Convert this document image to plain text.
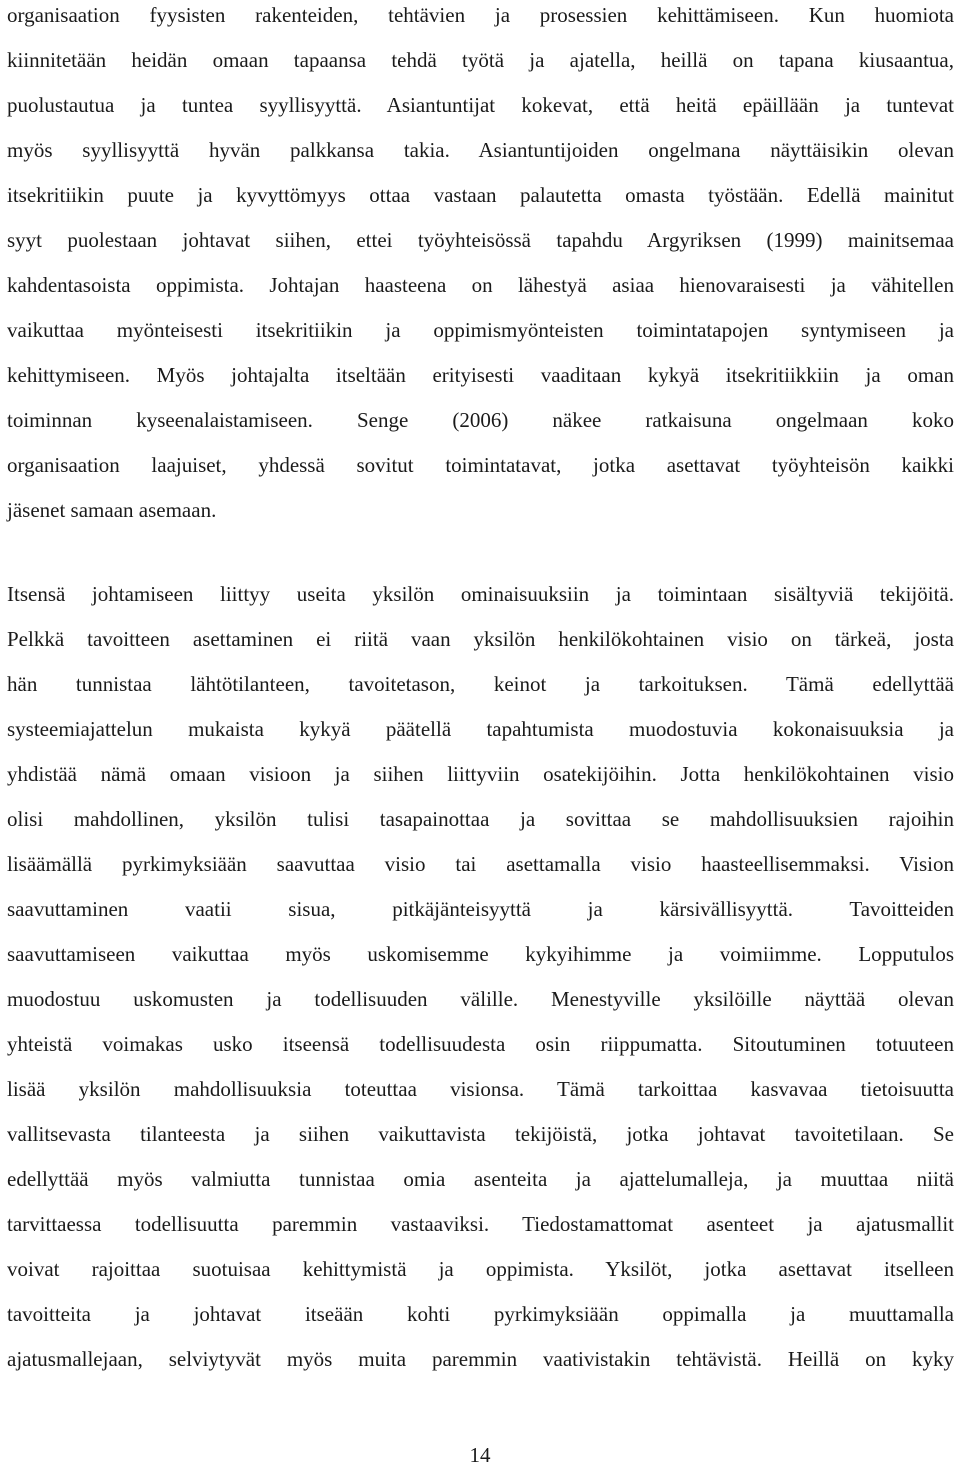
organisaation fyysisten rakenteiden, tehtävien ja prosessien kehittämiseen. Kun huomiota
kiinnitetään heidän omaan tapaansa tehdä työtä ja ajatella, heillä on tapana kiusaantua,
puolustautua ja tuntea syyllisyyttä. Asiantuntijat kokevat, että heitä epäillään ja tuntevat
myös syyllisyyttä hyvän palkkansa takia. Asiantuntijoiden ongelmana näyttäisikin olevan
itsekritiikin puute ja kyvyttömyys ottaa vastaan palautetta omasta työstään. Edellä mainitut
syyt puolestaan johtavat siihen, ettei työyhteisössä tapahdu Argyriksen (1999) mainitsemaa
kahdentasoista oppimista. Johtajan haasteena on lähestyä asiaa hienovaraisesti ja vähitellen
vaikuttaa myönteisesti itsekritiikin ja oppimismyönteisten toimintatapojen syntymiseen ja
kehittymiseen. Myös johtajalta itseltään erityisesti vaaditaan kykyä itsekritiikkiin ja oman
toiminnan kyseenalaistamiseen. Senge (2006) näkee ratkaisuna ongelmaan koko
organisaation laajuiset, yhdessä sovitut toimintatavat, jotka asettavat työyhteisön kaikki
jäsenet samaan asemaan.
Itsensä johtamiseen liittyy useita yksilön ominaisuuksiin ja toimintaan sisältyviä tekijöitä.
Pelkkä tavoitteen asettaminen ei riitä vaan yksilön henkilökohtainen visio on tärkeä, josta
hän tunnistaa lähtötilanteen, tavoitetason, keinot ja tarkoituksen. Tämä edellyttää
systeemiajattelun mukaista kykyä päätellä tapahtumista muodostuvia kokonaisuuksia ja
yhdistää nämä omaan visioon ja siihen liittyviin osatekijöihin. Jotta henkilökohtainen visio
olisi mahdollinen, yksilön tulisi tasapainottaa ja sovittaa se mahdollisuuksien rajoihin
lisäämällä pyrkimyksiään saavuttaa visio tai asettamalla visio haasteellisemmaksi. Vision
saavuttaminen vaatii sisua, pitkäjänteisyyttä ja kärsivällisyyttä. Tavoitteiden
saavuttamiseen vaikuttaa myös uskomisemme kykyihimme ja voimiimme. Lopputulos
muodostuu uskomusten ja todellisuuden välille. Menestyville yksilöille näyttää olevan
yhteistä voimakas usko itseensä todellisuudesta osin riippumatta. Sitoutuminen totuuteen
lisää yksilön mahdollisuuksia toteuttaa visionsa. Tämä tarkoittaa kasvavaa tietoisuutta
vallitsevasta tilanteesta ja siihen vaikuttavista tekijöistä, jotka johtavat tavoitetilaan. Se
edellyttää myös valmiutta tunnistaa omia asenteita ja ajattelumalleja, ja muuttaa niitä
tarvittaessa todellisuutta paremmin vastaaviksi. Tiedostamattomat asenteet ja ajatusmallit
voivat rajoittaa suotuisaa kehittymistä ja oppimista. Yksilöt, jotka asettavat itselleen
tavoitteita ja johtavat itseään kohti pyrkimyksiään oppimalla ja muuttamalla
ajatusmallejaan, selviytyvät myös muita paremmin vaativistakin tehtävistä. Heillä on kyky
14
